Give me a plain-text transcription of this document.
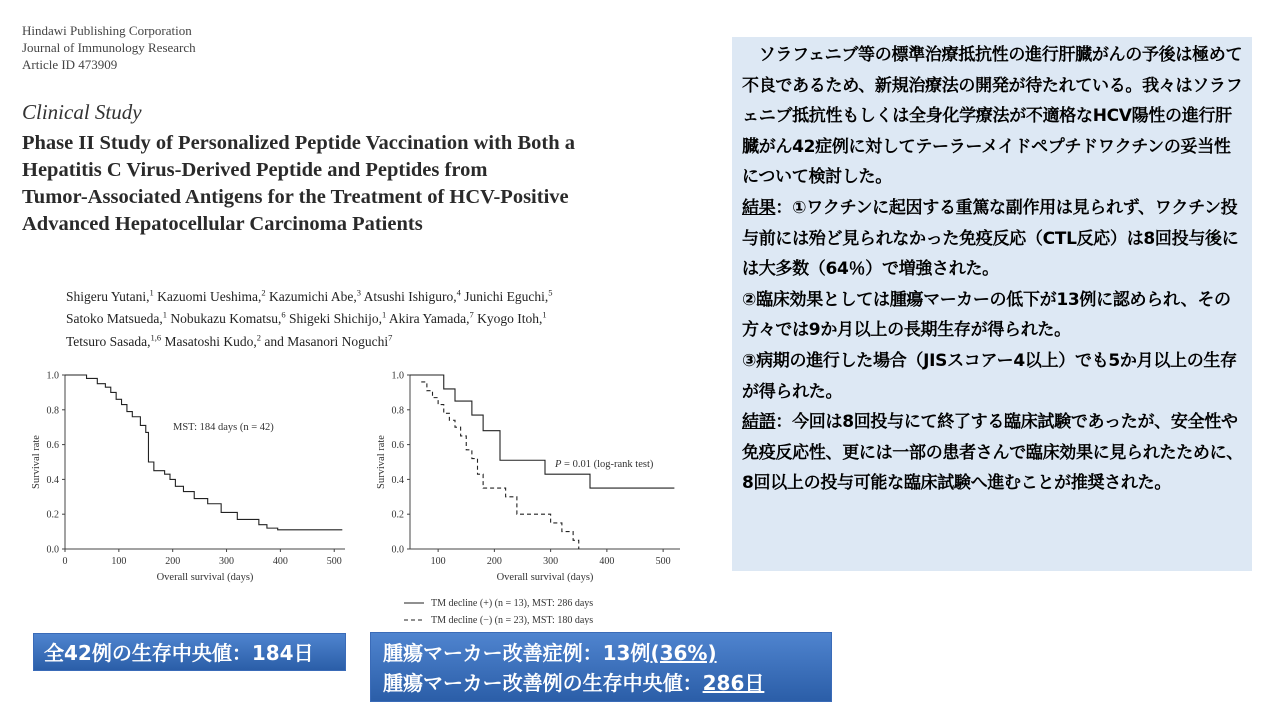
Hindawi Publishing Corporation
Journal of Immunology Research
Article ID 473909
Clinical Study
Phase II Study of Personalized Peptide Vaccination with Both a
Hepatitis C Virus-Derived Peptide and Peptides from
Tumor-Associated Antigens for the Treatment of HCV-Positive
Advanced Hepatocellular Carcinoma Patients
Shigeru Yutani,$^1$ Kazuomi Ueshima,$^2$ Kazumichi Abe,$^3$ Atsushi Ishiguro,$^4$ Junichi Eguchi,$^5$
Satoko Matsueda,$^1$ Nobukazu Komatsu,$^6$ Shigeki Shichijo,$^1$ Akira Yamada,$^7$ Kyogo Itoh,$^1$
Tetsuro Sasada,$^{1,6}$ Masatoshi Kudo,$^2$ and Masanori Noguchi$^7$
0.0
0.2
0.4
0.6
0.8
1.0
0	100	200	300	400	500
Overall survival (days)
Survival rate
MST: 184 days (n = 42)
0.0
0.2
0.4
0.6
0.8
1.0
100	200	300	400	500
Overall survival (days)
Survival rate	P = 0.01 (log-rank test)
TM decline (+) (n = 13), MST: 286 days
TM decline (−) (n = 23), MST: 180 days

　ソラフェニブ等の標準治療抵抗性の進行肝臓がんの予後は極めて不良であるため、新規治療法の開発が待たれている。我々はソラフェニブ抵抗性もしくは全身化学療法が不適格なHCV陽性の進行肝臓がん42症例に対してテーラーメイドペプチドワクチンの妥当性について検討した。

結果：①ワクチンに起因する重篤な副作用は見られず、ワクチン投与前には殆ど見られなかった免疫反応（CTL反応）は8回投与後には大多数（64％）で増強された。

②臨床効果としては腫瘍マーカーの低下が13例に認められ、その方々では9か月以上の長期生存が得られた。

③病期の進行した場合（JISスコアー4以上）でも5か月以上の生存が得られた。

結語：今回は8回投与にて終了する臨床試験であったが、安全性や免疫反応性、更には一部の患者さんで臨床効果に見られたために、8回以上の投与可能な臨床試験へ進むことが推奨された。

全42例の生存中央値：184日	腫瘍マーカー改善症例：13例(36%)
腫瘍マーカー改善例の生存中央値：286日
